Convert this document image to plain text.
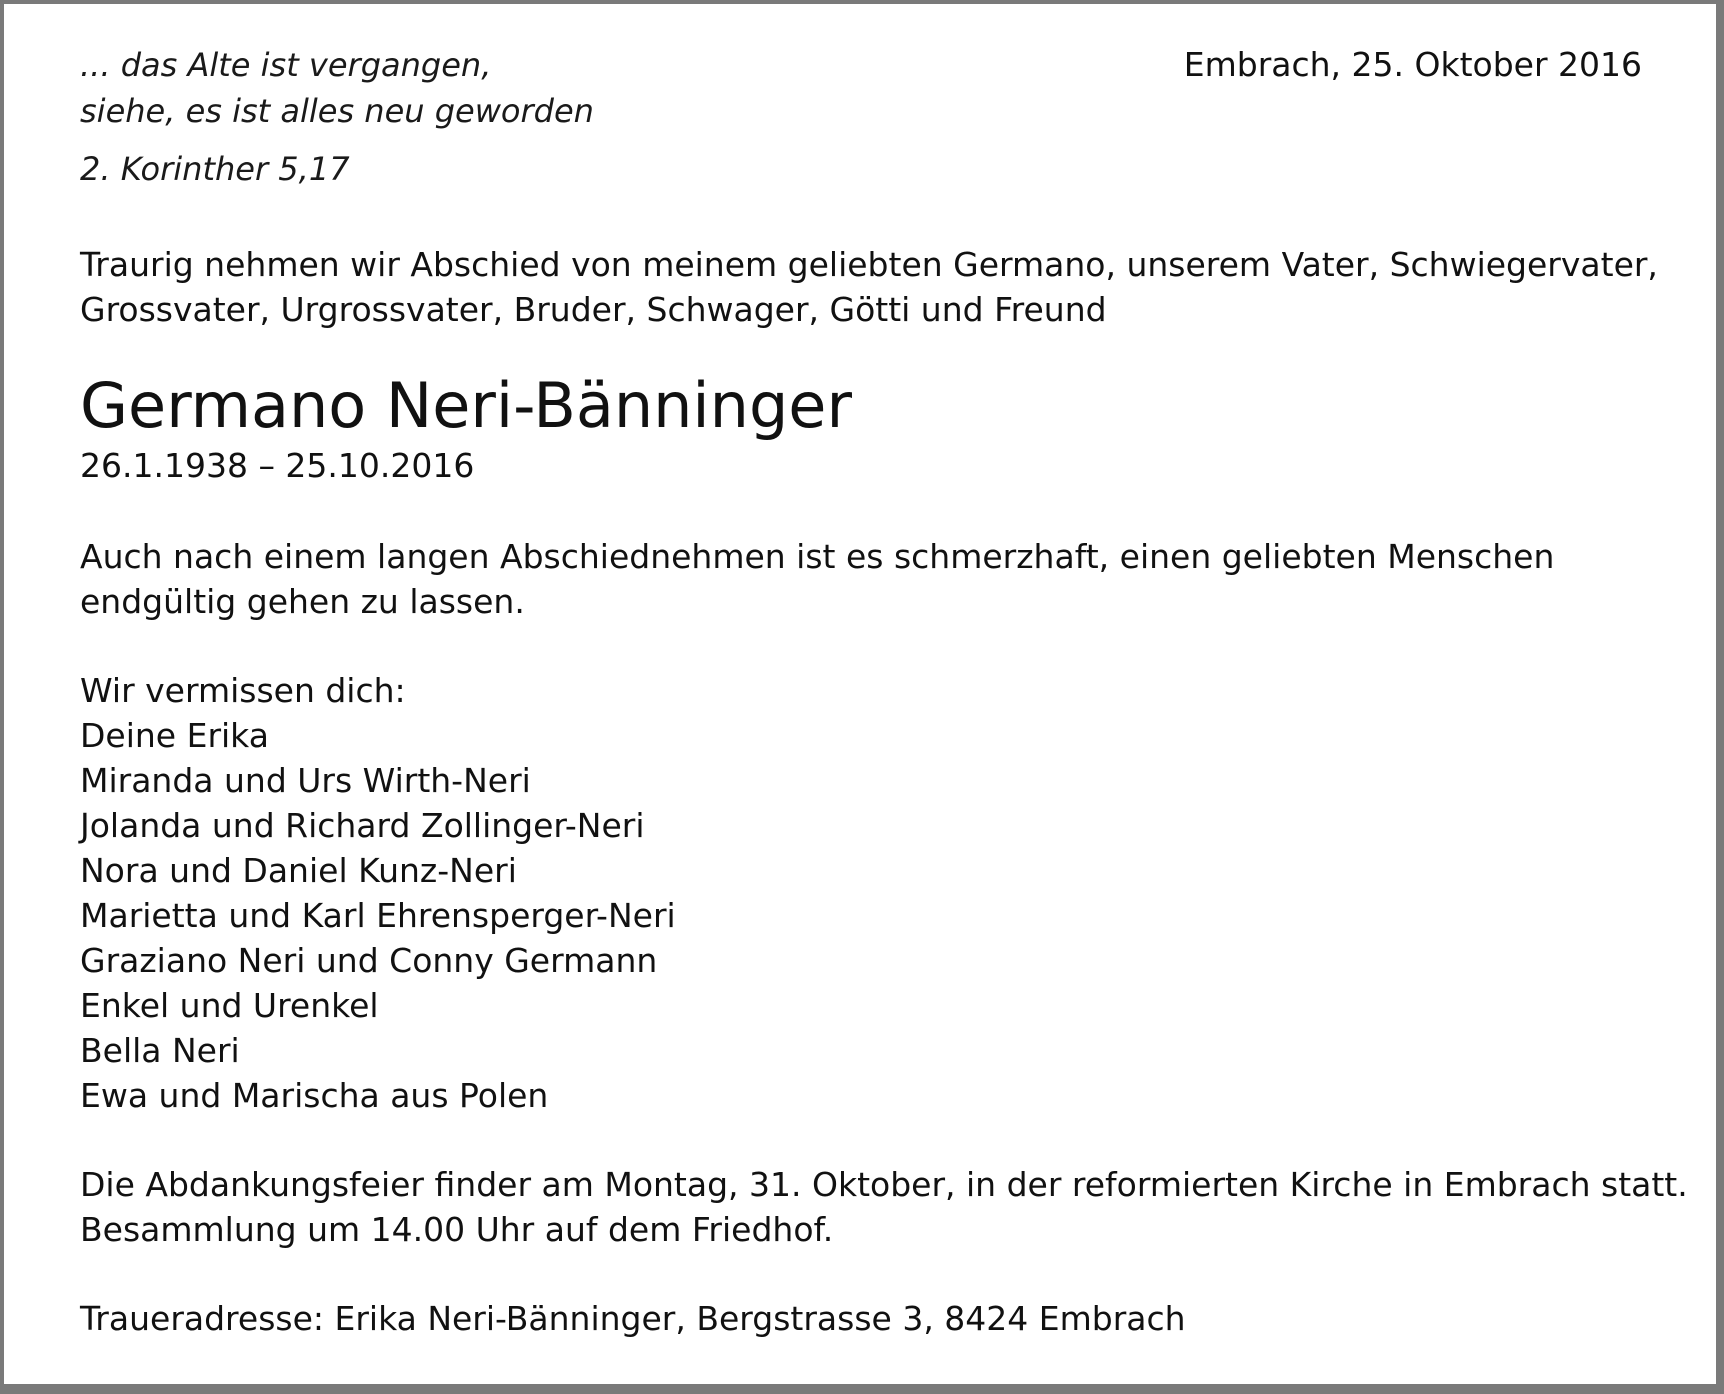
... das Alte ist vergangen,
siehe, es ist alles neu geworden
2. Korinther 5,17
Embrach, 25. Oktober 2016
Traurig nehmen wir Abschied von meinem geliebten Germano, unserem Vater, Schwiegervater,
Grossvater, Urgrossvater, Bruder, Schwager, Götti und Freund
Germano Neri-Bänninger
26.1.1938 – 25.10.2016
Auch nach einem langen Abschiednehmen ist es schmerzhaft, einen geliebten Menschen
endgültig gehen zu lassen.
Wir vermissen dich:
Deine Erika
Miranda und Urs Wirth-Neri
Jolanda und Richard Zollinger-Neri
Nora und Daniel Kunz-Neri
Marietta und Karl Ehrensperger-Neri
Graziano Neri und Conny Germann
Enkel und Urenkel
Bella Neri
Ewa und Marischa aus Polen
Die Abdankungsfeier finder am Montag, 31. Oktober, in der reformierten Kirche in Embrach statt.
Besammlung um 14.00 Uhr auf dem Friedhof.
Traueradresse: Erika Neri-Bänninger, Bergstrasse 3, 8424 Embrach
